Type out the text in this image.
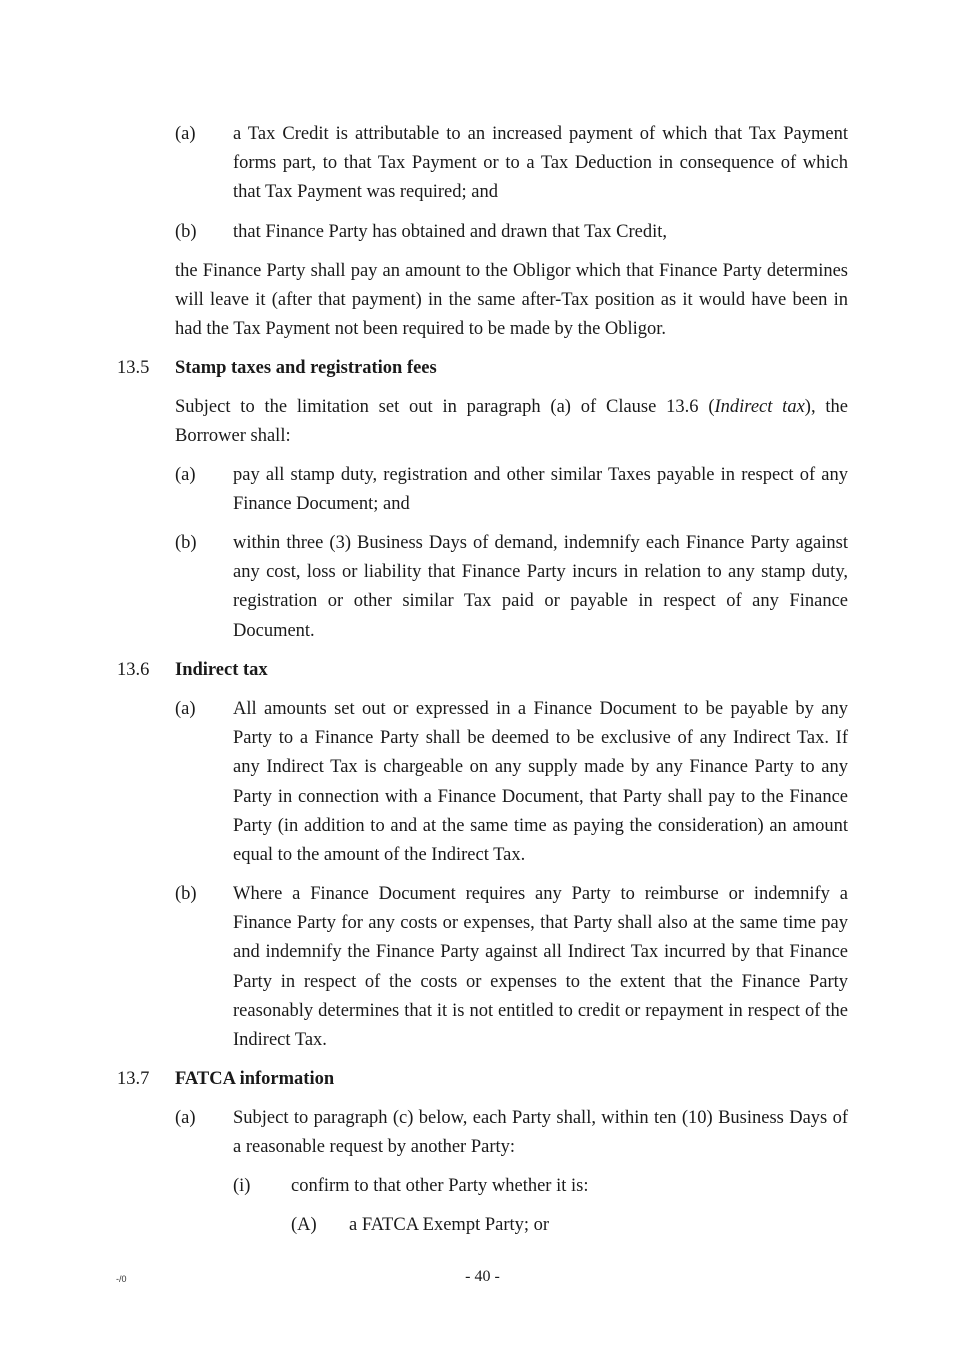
(a) a Tax Credit is attributable to an increased payment of which that Tax Payment forms part, to that Tax Payment or to a Tax Deduction in consequence of which that Tax Payment was required; and

(b) that Finance Party has obtained and drawn that Tax Credit,

the Finance Party shall pay an amount to the Obligor which that Finance Party determines will leave it (after that payment) in the same after-Tax position as it would have been in had the Tax Payment not been required to be made by the Obligor.

13.5 Stamp taxes and registration fees

Subject to the limitation set out in paragraph (a) of Clause 13.6 (Indirect tax), the Borrower shall:

(a) pay all stamp duty, registration and other similar Taxes payable in respect of any Finance Document; and

(b) within three (3) Business Days of demand, indemnify each Finance Party against any cost, loss or liability that Finance Party incurs in relation to any stamp duty, registration or other similar Tax paid or payable in respect of any Finance Document.

13.6 Indirect tax
(a) All amounts set out or expressed in a Finance Document to be payable by any Party to a Finance Party shall be deemed to be exclusive of any Indirect Tax. If any Indirect Tax is chargeable on any supply made by any Finance Party to any Party in connection with a Finance Document, that Party shall pay to the Finance Party (in addition to and at the same time as paying the consideration) an amount equal to the amount of the Indirect Tax.

(b) Where a Finance Document requires any Party to reimburse or indemnify a Finance Party for any costs or expenses, that Party shall also at the same time pay and indemnify the Finance Party against all Indirect Tax incurred by that Finance Party in respect of the costs or expenses to the extent that the Finance Party reasonably determines that it is not entitled to credit or repayment in respect of the Indirect Tax.

13.7 FATCA information
(a) Subject to paragraph (c) below, each Party shall, within ten (10) Business Days of a reasonable request by another Party:

(i) confirm to that other Party whether it is:

(A) a FATCA Exempt Party; or

-/0	- 40 -
